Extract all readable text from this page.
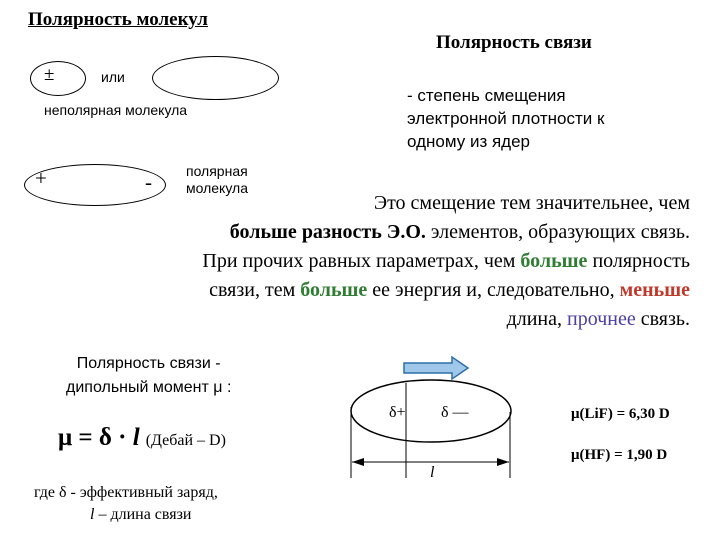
Полярность молекул
Полярность связи
±	или
неполярная молекула
+	- полярная
молекула
- степень смещения
электронной плотности к
одному из ядер
Это смещение тем значительнее, чем
больше разность Э.О. элементов, образующих связь.
При прочих равных параметрах, чем больше полярность
связи, тем больше ее энергия и, следовательно, меньше
длина, прочнее связь.
Полярность связи -
дипольный момент μ :
μ = δ · l (Дебай – D)
где δ - эффективный заряд,
l – длина связи
δ+ δ —
l
μ(LiF) = 6,30 D
μ(HF) = 1,90 D
